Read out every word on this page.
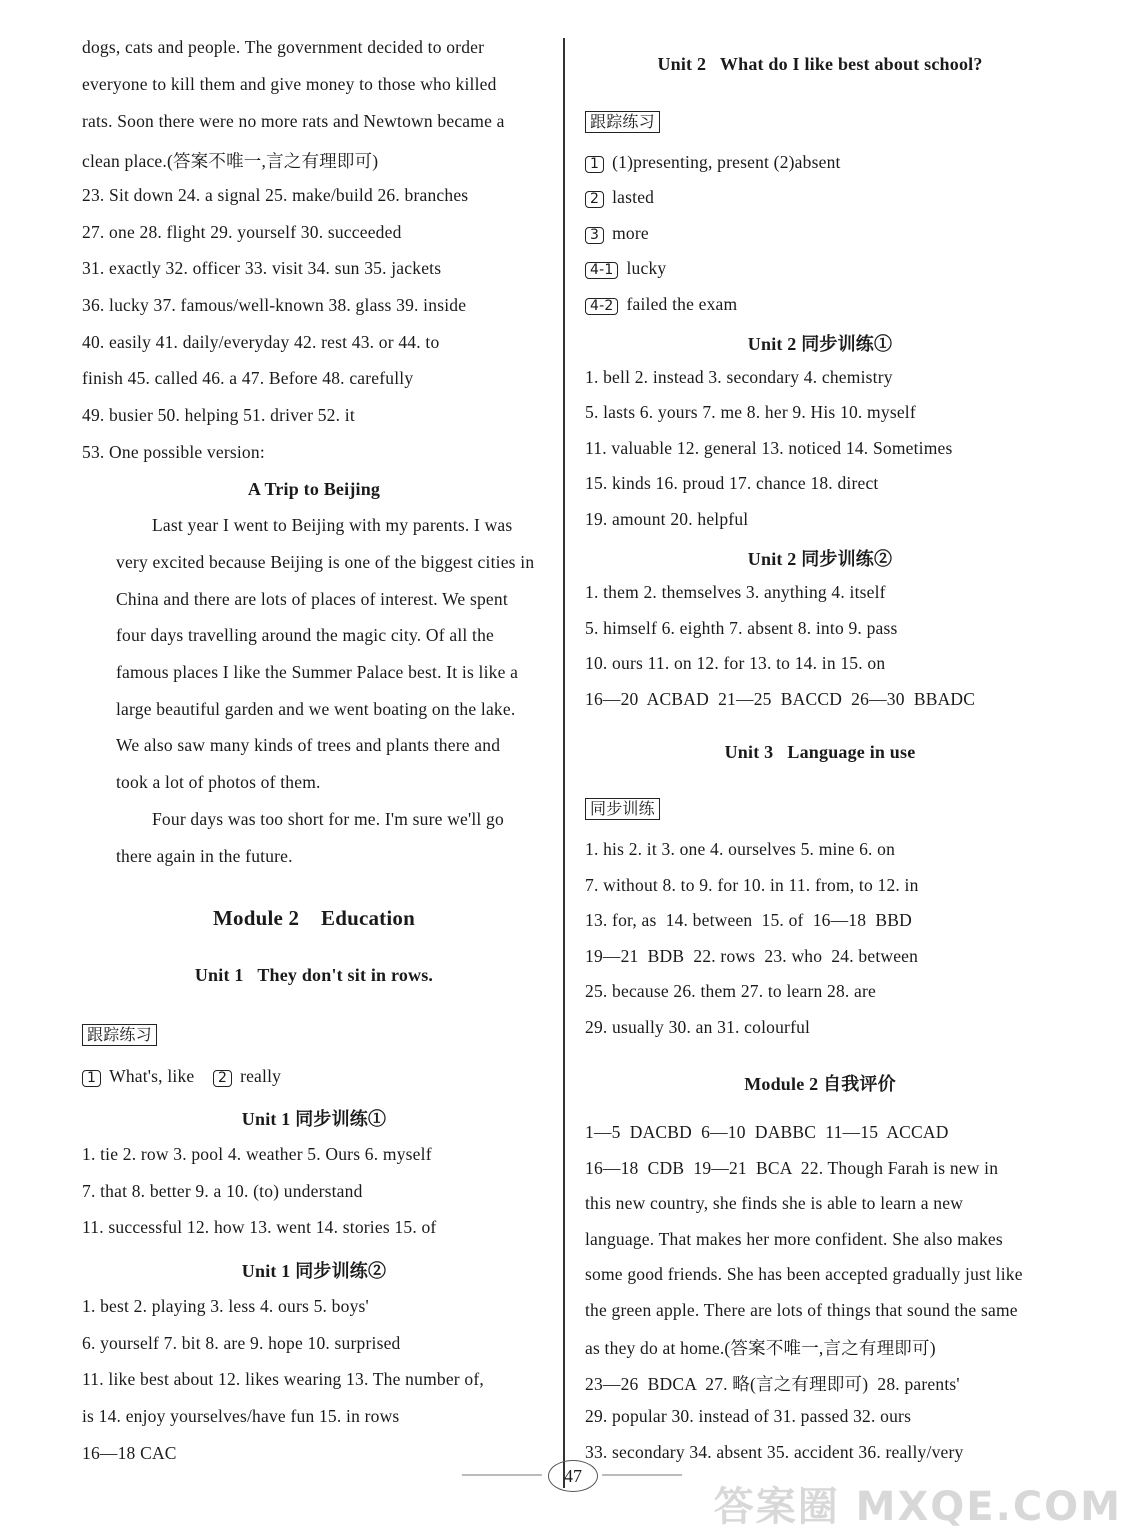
dogs, cats and people. The government decided to order
everyone to kill them and give money to those who killed
rats. Soon there were no more rats and Newtown became a
clean place.(答案不唯一,言之有理即可)
23. Sit down 24. a signal 25. make/build 26. branches
27. one 28. flight 29. yourself 30. succeeded
31. exactly 32. officer 33. visit 34. sun 35. jackets
36. lucky 37. famous/well-known 38. glass 39. inside
40. easily 41. daily/everyday 42. rest 43. or 44. to
finish 45. called 46. a 47. Before 48. carefully
49. busier 50. helping 51. driver 52. it
53. One possible version:
A Trip to Beijing
Last year I went to Beijing with my parents. I was
very excited because Beijing is one of the biggest cities in
China and there are lots of places of interest. We spent
four days travelling around the magic city. Of all the
famous places I like the Summer Palace best. It is like a
large beautiful garden and we went boating on the lake.
We also saw many kinds of trees and plants there and
took a lot of photos of them.
Four days was too short for me. I'm sure we'll go
there again in the future.
Module 2    Education
Unit 1   They don't sit in rows.
跟踪练习
1 What's, like 2 really
Unit 1 同步训练①
1. tie 2. row 3. pool 4. weather 5. Ours 6. myself
7. that 8. better 9. a 10. (to) understand
11. successful 12. how 13. went 14. stories 15. of
Unit 1 同步训练②
1. best 2. playing 3. less 4. ours 5. boys'
6. yourself 7. bit 8. are 9. hope 10. surprised
11. like best about 12. likes wearing 13. The number of,
is 14. enjoy yourselves/have fun 15. in rows
16—18 CAC
Unit 2   What do I like best about school?
跟踪练习
1 (1)presenting, present (2)absent
2 lasted
3 more
4-1 lucky
4-2 failed the exam
Unit 2 同步训练①
1. bell 2. instead 3. secondary 4. chemistry
5. lasts 6. yours 7. me 8. her 9. His 10. myself
11. valuable 12. general 13. noticed 14. Sometimes
15. kinds 16. proud 17. chance 18. direct
19. amount 20. helpful
Unit 2 同步训练②
1. them 2. themselves 3. anything 4. itself
5. himself 6. eighth 7. absent 8. into 9. pass
10. ours 11. on 12. for 13. to 14. in 15. on
16—20  ACBAD  21—25  BACCD  26—30  BBADC
Unit 3   Language in use
同步训练
1. his 2. it 3. one 4. ourselves 5. mine 6. on
7. without 8. to 9. for 10. in 11. from, to 12. in
13. for, as  14. between  15. of  16—18  BBD
19—21  BDB  22. rows  23. who  24. between
25. because 26. them 27. to learn 28. are
29. usually 30. an 31. colourful
Module 2 自我评价
1—5  DACBD  6—10  DABBC  11—15  ACCAD
16—18  CDB  19—21  BCA  22. Though Farah is new in
this new country, she finds she is able to learn a new
language. That makes her more confident. She also makes
some good friends. She has been accepted gradually just like
the green apple. There are lots of things that sound the same
as they do at home.(答案不唯一,言之有理即可)
23—26  BDCA  27. 略(言之有理即可)  28. parents'
29. popular 30. instead of 31. passed 32. ours
33. secondary 34. absent 35. accident 36. really/very
47
答案圈 MXQE.COM
